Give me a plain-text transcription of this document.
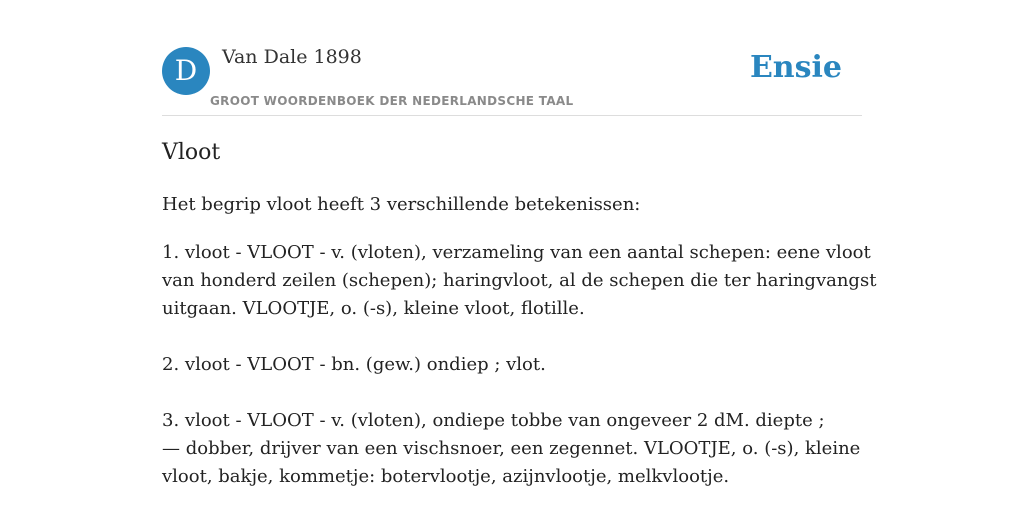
D	Van Dale 1898
GROOT WOORDENBOEK DER NEDERLANDSCHE TAAL
Ensie
Vloot
Het begrip vloot heeft 3 verschillende betekenissen:
1. vloot - VLOOT - v. (vloten), verzameling van een aantal schepen: eene vloot
van honderd zeilen (schepen); haringvloot, al de schepen die ter haringvangst
uitgaan. VLOOTJE, o. (-s), kleine vloot, flotille.
2. vloot - VLOOT - bn. (gew.) ondiep ; vlot.
3. vloot - VLOOT - v. (vloten), ondiepe tobbe van ongeveer 2 dM. diepte ;
— dobber, drijver van een vischsnoer, een zegennet. VLOOTJE, o. (-s), kleine
vloot, bakje, kommetje: botervlootje, azijnvlootje, melkvlootje.
